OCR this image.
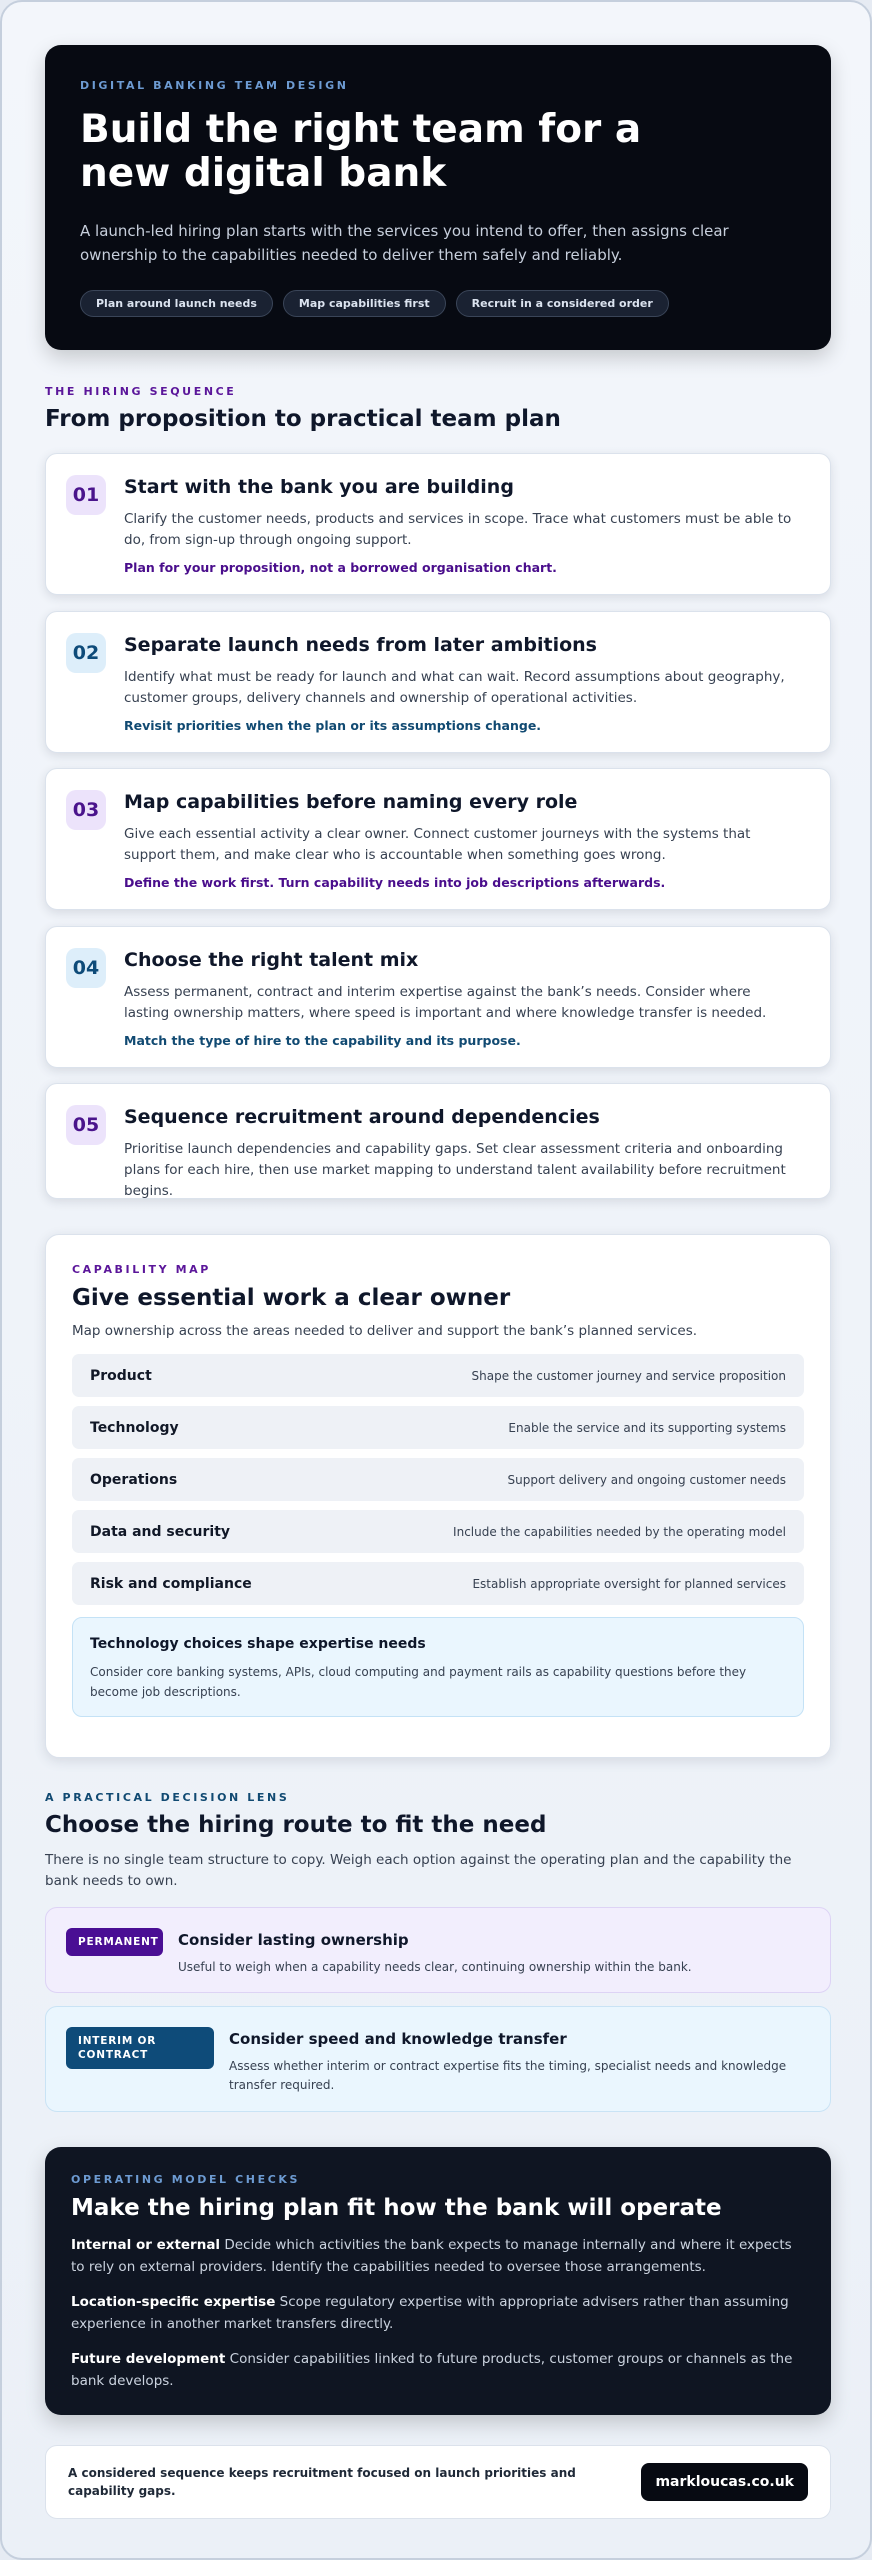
DIGITAL BANKING TEAM DESIGN
Build the right team for a new digital bank

A launch-led hiring plan starts with the services you intend to offer, then assigns clear ownership to the capabilities needed to deliver them safely and reliably.

Plan around launch needs	Map capabilities first	Recruit in a considered order
THE HIRING SEQUENCE
From proposition to practical team plan
01	Start with the bank you are building

Clarify the customer needs, products and services in scope. Trace what customers must be able to do, from sign-up through ongoing support.

Plan for your proposition, not a borrowed organisation chart.
02	Separate launch needs from later ambitions

Identify what must be ready for launch and what can wait. Record assumptions about geography, customer groups, delivery channels and ownership of operational activities.

Revisit priorities when the plan or its assumptions change.
03	Map capabilities before naming every role

Give each essential activity a clear owner. Connect customer journeys with the systems that support them, and make clear who is accountable when something goes wrong.

Define the work first. Turn capability needs into job descriptions afterwards.
04	Choose the right talent mix

Assess permanent, contract and interim expertise against the bank’s needs. Consider where lasting ownership matters, where speed is important and where knowledge transfer is needed.

Match the type of hire to the capability and its purpose.
05	Sequence recruitment around dependencies

Prioritise launch dependencies and capability gaps. Set clear assessment criteria and onboarding plans for each hire, then use market mapping to understand talent availability before recruitment begins.

CAPABILITY MAP
Give essential work a clear owner
Map ownership across the areas needed to deliver and support the bank’s planned services.
Product	Shape the customer journey and service proposition
Technology	Enable the service and its supporting systems
Operations	Support delivery and ongoing customer needs
Data and security	Include the capabilities needed by the operating model
Risk and compliance	Establish appropriate oversight for planned services
Technology choices shape expertise needs
Consider core banking systems, APIs, cloud computing and payment rails as capability questions before they become job descriptions.
A PRACTICAL DECISION LENS
Choose the hiring route to fit the need
There is no single team structure to copy. Weigh each option against the operating plan and the capability the bank needs to own.
PERMANENT Consider lasting ownership
Useful to weigh when a capability needs clear, continuing ownership within the bank.
INTERIM OR CONTRACT
Consider speed and knowledge transfer
Assess whether interim or contract expertise fits the timing, specialist needs and knowledge transfer required.
OPERATING MODEL CHECKS
Make the hiring plan fit how the bank will operate

Internal or external Decide which activities the bank expects to manage internally and where it expects to rely on external providers. Identify the capabilities needed to oversee those arrangements.

Location-specific expertise Scope regulatory expertise with appropriate advisers rather than assuming experience in another market transfers directly.

Future development Consider capabilities linked to future products, customer groups or channels as the bank develops.

A considered sequence keeps recruitment focused on launch priorities and capability gaps.
markloucas.co.uk
